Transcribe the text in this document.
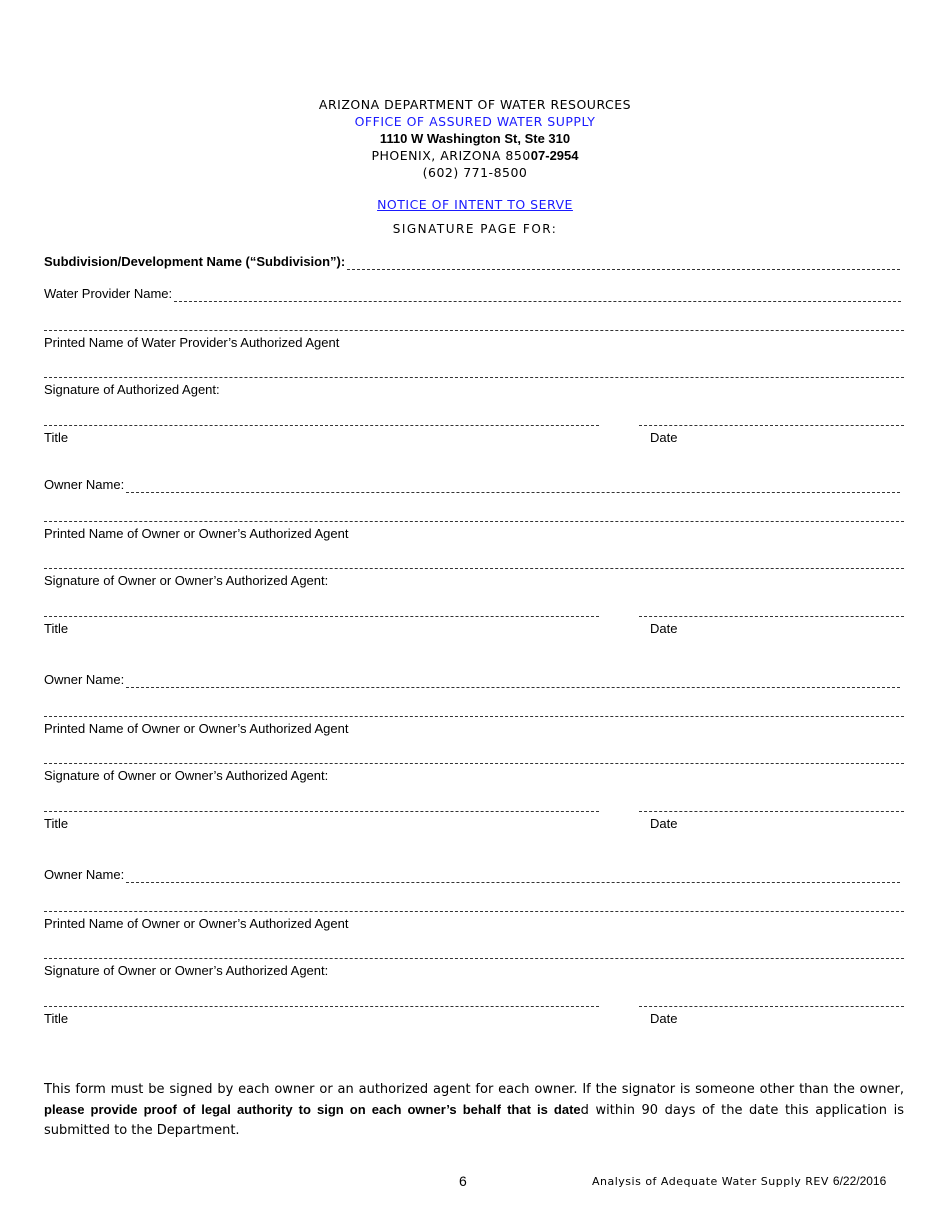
ARIZONA DEPARTMENT OF WATER RESOURCES
OFFICE OF ASSURED WATER SUPPLY
1110 W Washington St, Ste 310
PHOENIX, ARIZONA 85007-2954
(602) 771-8500
NOTICE OF INTENT TO SERVE
SIGNATURE PAGE FOR:
Subdivision/Development Name (“Subdivision”):
Water Provider Name:
Printed Name of Water Provider’s Authorized Agent
Signature of Authorized Agent:
Title	Date
Owner Name:
Printed Name of Owner or Owner’s Authorized Agent
Signature of Owner or Owner’s Authorized Agent:
Title	Date
Owner Name:
Printed Name of Owner or Owner’s Authorized Agent
Signature of Owner or Owner’s Authorized Agent:
Title	Date
Owner Name:
Printed Name of Owner or Owner’s Authorized Agent
Signature of Owner or Owner’s Authorized Agent:
Title	Date
This form must be signed by each owner or an authorized agent for each owner. If the signator is someone other than the owner, please provide proof of legal authority to sign on each owner’s behalf that is dated within 90 days of the date this application is submitted to the Department.
6	Analysis of Adequate Water Supply REV 6/22/2016
